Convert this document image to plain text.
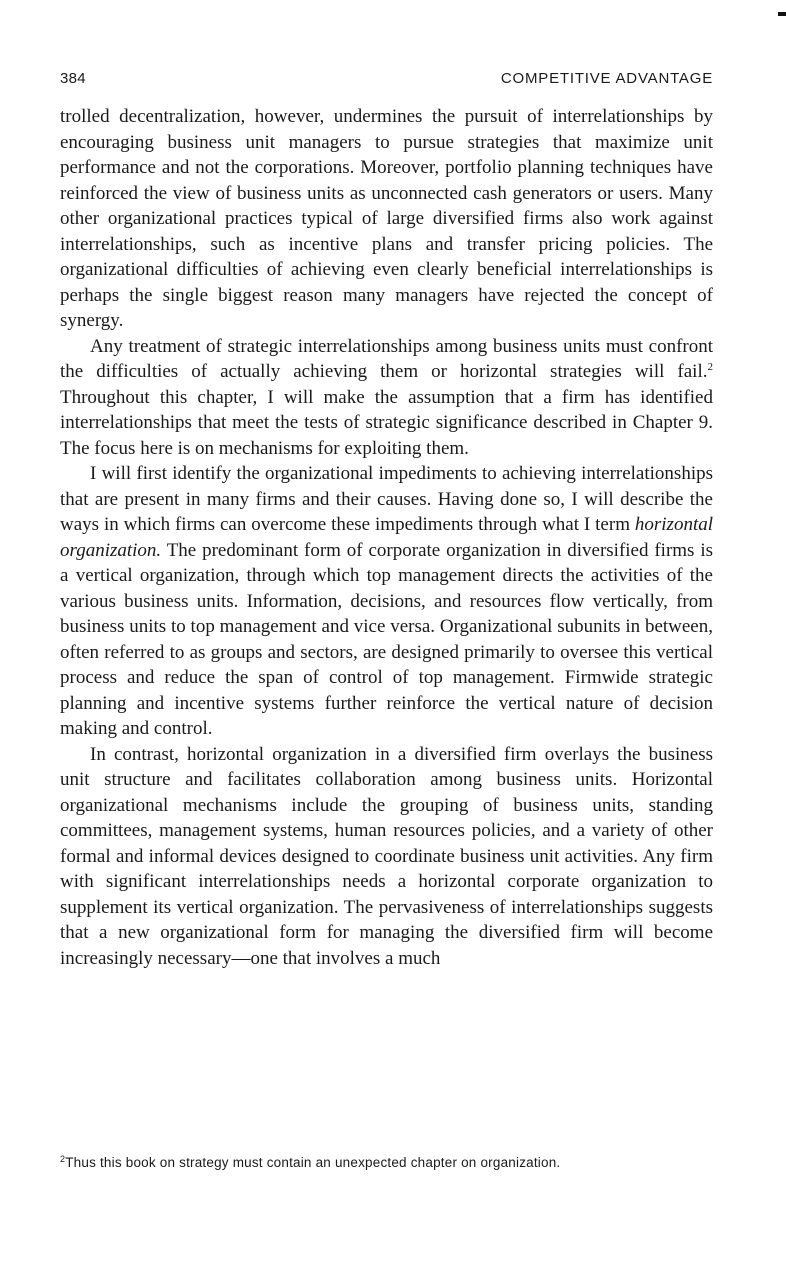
384	COMPETITIVE ADVANTAGE

trolled decentralization, however, undermines the pursuit of interrelationships by encouraging business unit managers to pursue strategies that maximize unit performance and not the corporations. Moreover, portfolio planning techniques have reinforced the view of business units as unconnected cash generators or users. Many other organizational practices typical of large diversified firms also work against interrelationships, such as incentive plans and transfer pricing policies. The organizational difficulties of achieving even clearly beneficial interrelationships is perhaps the single biggest reason many managers have rejected the concept of synergy.

Any treatment of strategic interrelationships among business units must confront the difficulties of actually achieving them or horizontal strategies will fail.$^2$ Throughout this chapter, I will make the assumption that a firm has identified interrelationships that meet the tests of strategic significance described in Chapter 9. The focus here is on mechanisms for exploiting them.

I will first identify the organizational impediments to achieving interrelationships that are present in many firms and their causes. Having done so, I will describe the ways in which firms can overcome these impediments through what I term horizontal organization. The predominant form of corporate organization in diversified firms is a vertical organization, through which top management directs the activities of the various business units. Information, decisions, and resources flow vertically, from business units to top management and vice versa. Organizational subunits in between, often referred to as groups and sectors, are designed primarily to oversee this vertical process and reduce the span of control of top management. Firmwide strategic planning and incentive systems further reinforce the vertical nature of decision making and control.

In contrast, horizontal organization in a diversified firm overlays the business unit structure and facilitates collaboration among business units. Horizontal organizational mechanisms include the grouping of business units, standing committees, management systems, human resources policies, and a variety of other formal and informal devices designed to coordinate business unit activities. Any firm with significant interrelationships needs a horizontal corporate organization to supplement its vertical organization. The pervasiveness of interrelationships suggests that a new organizational form for managing the diversified firm will become increasingly necessary—one that involves a much

$^2$Thus this book on strategy must contain an unexpected chapter on organization.
